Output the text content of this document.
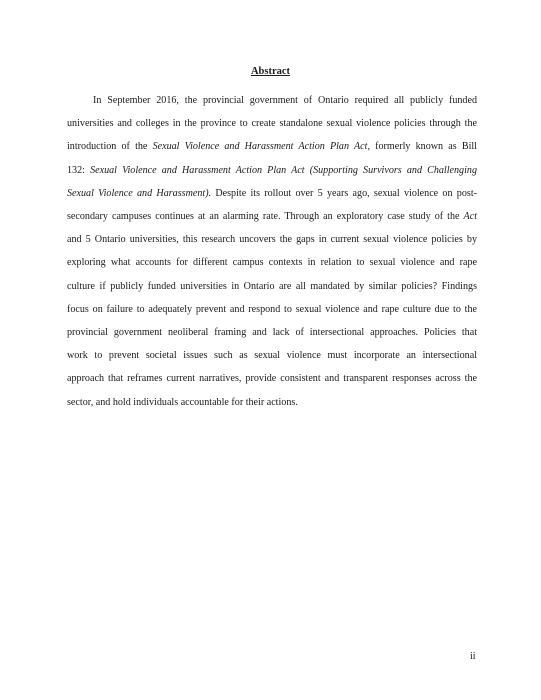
Abstract
In September 2016, the provincial government of Ontario required all publicly funded
universities and colleges in the province to create standalone sexual violence policies through the
introduction of the Sexual Violence and Harassment Action Plan Act, formerly known as Bill
132: Sexual Violence and Harassment Action Plan Act (Supporting Survivors and Challenging
Sexual Violence and Harassment). Despite its rollout over 5 years ago, sexual violence on post-
secondary campuses continues at an alarming rate. Through an exploratory case study of the Act
and 5 Ontario universities, this research uncovers the gaps in current sexual violence policies by
exploring what accounts for different campus contexts in relation to sexual violence and rape
culture if publicly funded universities in Ontario are all mandated by similar policies? Findings
focus on failure to adequately prevent and respond to sexual violence and rape culture due to the
provincial government neoliberal framing and lack of intersectional approaches. Policies that
work to prevent societal issues such as sexual violence must incorporate an intersectional
approach that reframes current narratives, provide consistent and transparent responses across the
sector, and hold individuals accountable for their actions.
ii
